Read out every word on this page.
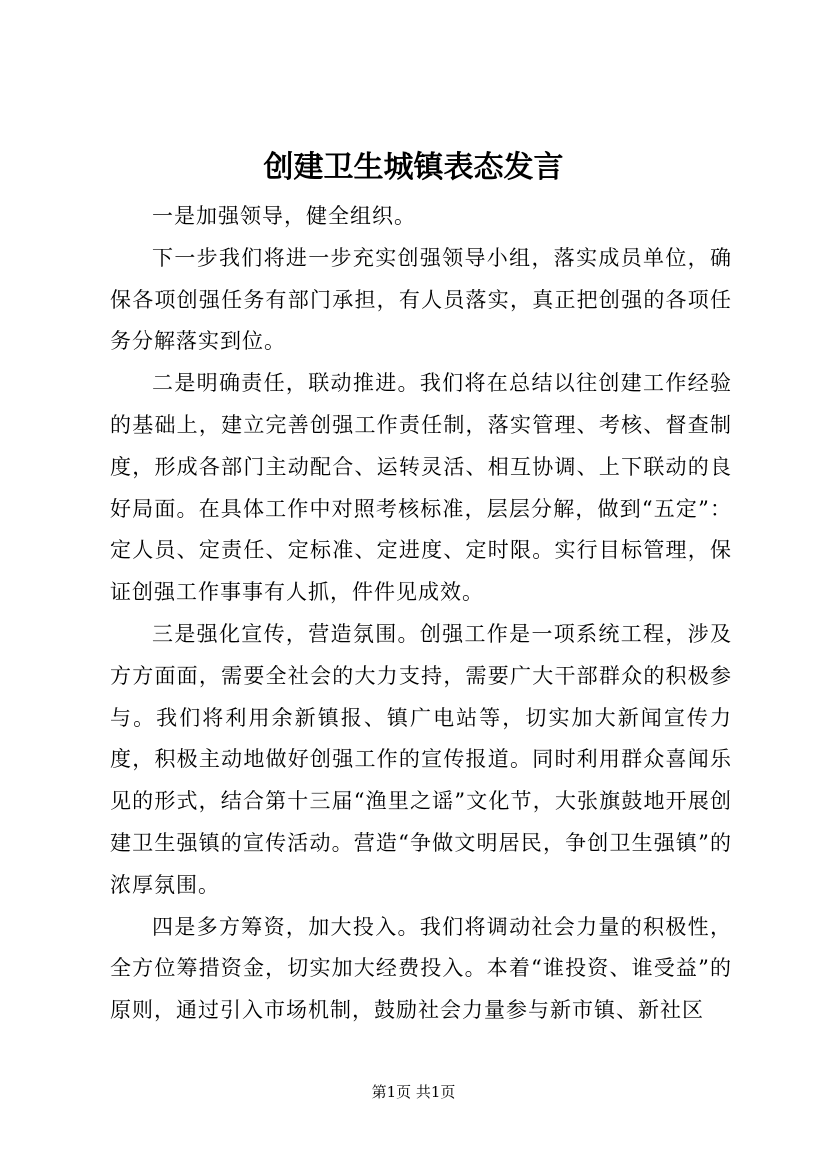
创建卫生城镇表态发言

一是加强领导，健全组织。

下一步我们将进一步充实创强领导小组，落实成员单位，确保各项创强任务有部门承担，有人员落实，真正把创强的各项任务分解落实到位。

二是明确责任，联动推进。我们将在总结以往创建工作经验的基础上，建立完善创强工作责任制，落实管理、考核、督查制度，形成各部门主动配合、运转灵活、相互协调、上下联动的良好局面。在具体工作中对照考核标准，层层分解，做到“五定”：定人员、定责任、定标准、定进度、定时限。实行目标管理，保证创强工作事事有人抓，件件见成效。

三是强化宣传，营造氛围。创强工作是一项系统工程，涉及方方面面，需要全社会的大力支持，需要广大干部群众的积极参与。我们将利用余新镇报、镇广电站等，切实加大新闻宣传力度，积极主动地做好创强工作的宣传报道。同时利用群众喜闻乐见的形式，结合第十三届“渔里之谣”文化节，大张旗鼓地开展创建卫生强镇的宣传活动。营造“争做文明居民，争创卫生强镇”的浓厚氛围。

四是多方筹资，加大投入。我们将调动社会力量的积极性，全方位筹措资金，切实加大经费投入。本着“谁投资、谁受益”的原则，通过引入市场机制，鼓励社会力量参与新市镇、新社区

第1页 共1页
